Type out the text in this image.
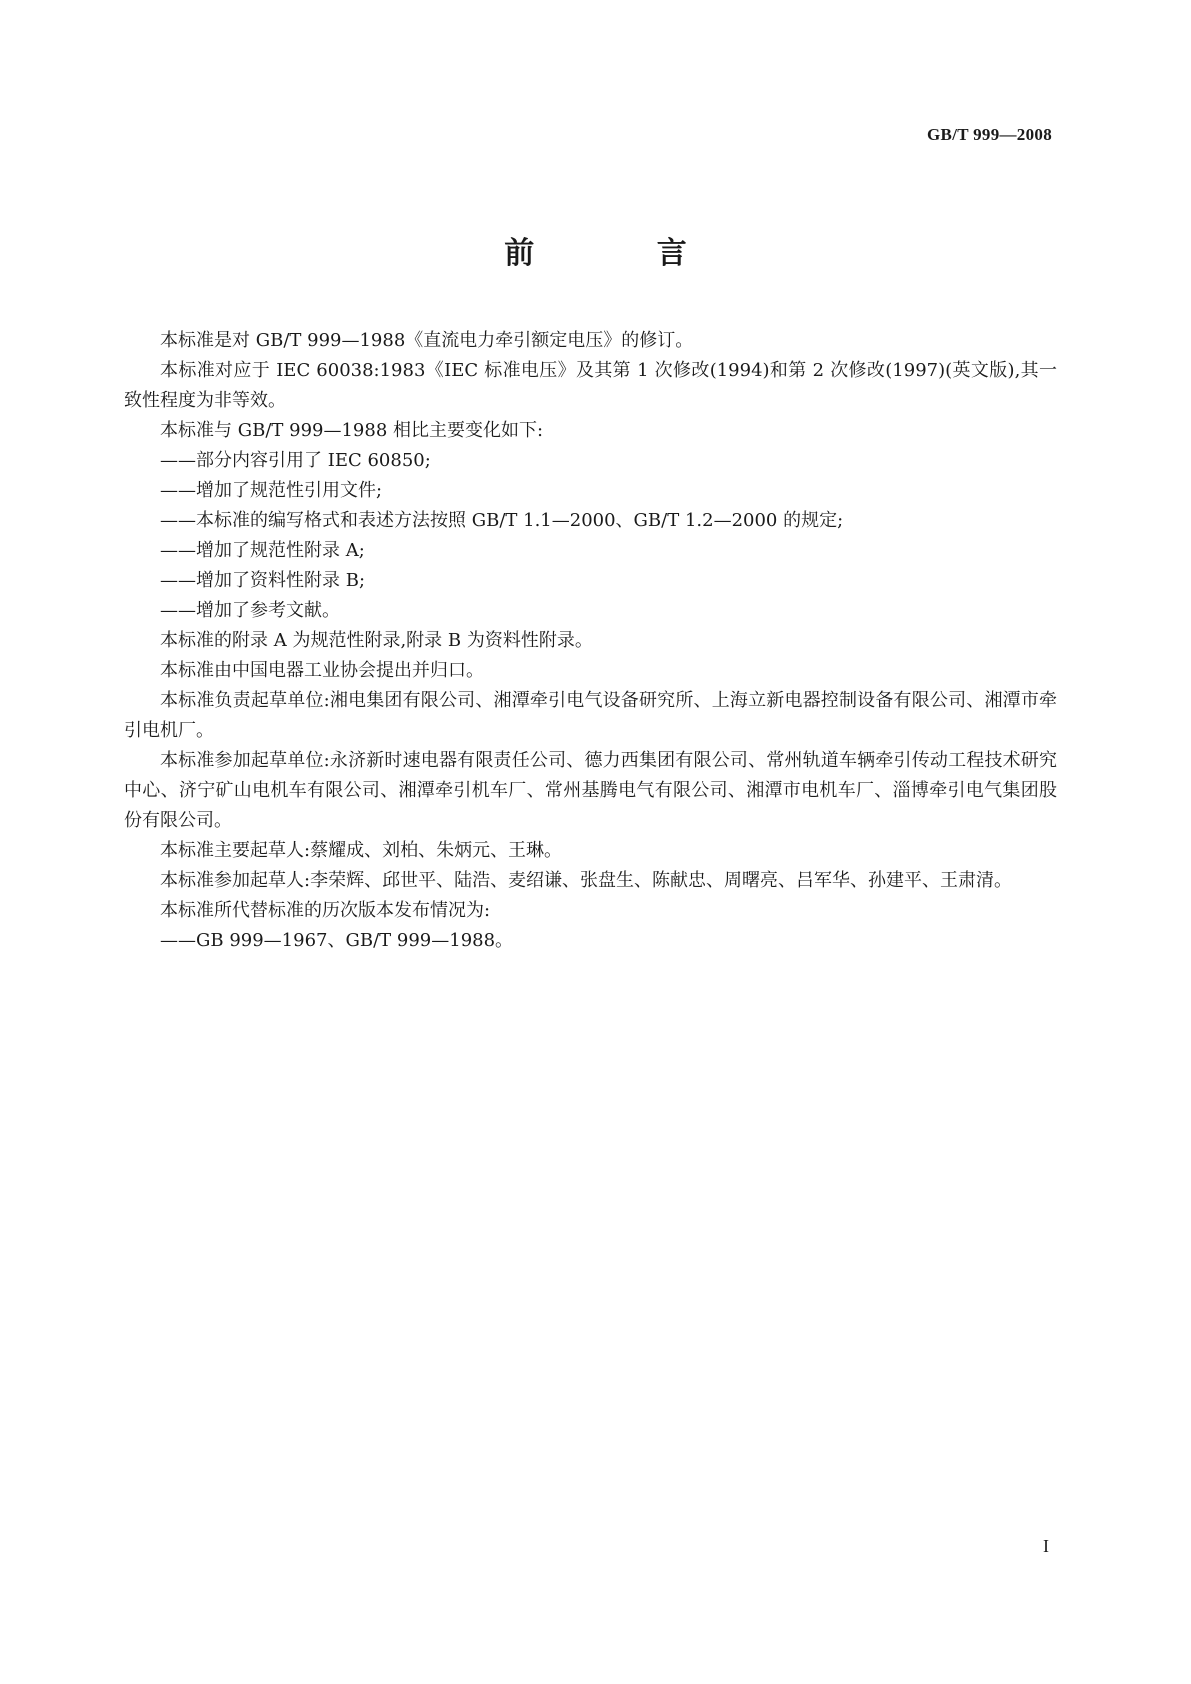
GB/T 999—2008
前 言

本标准是对 GB/T 999—1988《直流电力牵引额定电压》的修订。

本标准对应于 IEC 60038:1983《IEC 标准电压》及其第 1 次修改(1994)和第 2 次修改(1997)(英文版),其一致性程度为非等效。

本标准与 GB/T 999—1988 相比主要变化如下:

——部分内容引用了 IEC 60850;

——增加了规范性引用文件;

——本标准的编写格式和表述方法按照 GB/T 1.1—2000、GB/T 1.2—2000 的规定;

——增加了规范性附录 A;

——增加了资料性附录 B;

——增加了参考文献。

本标准的附录 A 为规范性附录,附录 B 为资料性附录。

本标准由中国电器工业协会提出并归口。

本标准负责起草单位:湘电集团有限公司、湘潭牵引电气设备研究所、上海立新电器控制设备有限公司、湘潭市牵引电机厂。

本标准参加起草单位:永济新时速电器有限责任公司、德力西集团有限公司、常州轨道车辆牵引传动工程技术研究中心、济宁矿山电机车有限公司、湘潭牵引机车厂、常州基腾电气有限公司、湘潭市电机车厂、淄博牵引电气集团股份有限公司。

本标准主要起草人:蔡耀成、刘柏、朱炳元、王琳。

本标准参加起草人:李荣辉、邱世平、陆浩、麦绍谦、张盘生、陈献忠、周曙亮、吕军华、孙建平、王肃清。

本标准所代替标准的历次版本发布情况为:

——GB 999—1967、GB/T 999—1988。

I
